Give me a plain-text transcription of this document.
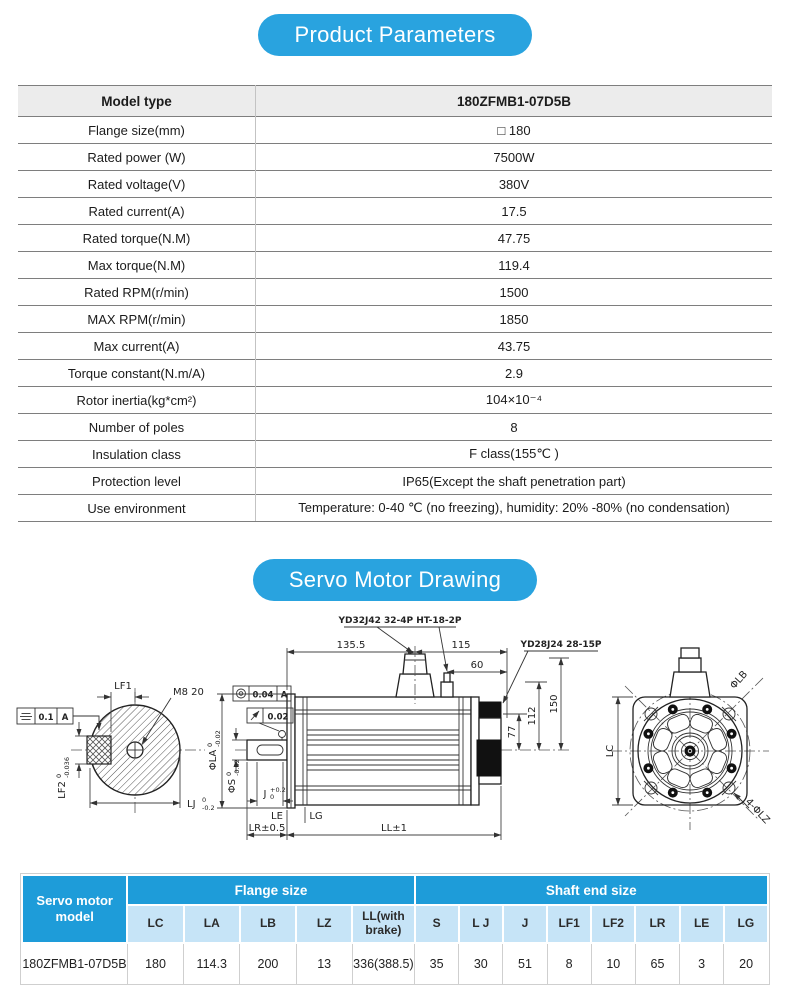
Product Parameters
Model type	180ZFMB1-07D5B
Flange size(mm)	□ 180
Rated power (W)	7500W
Rated voltage(V)	380V
Rated current(A)	17.5
Rated torque(N.M)	47.75
Max torque(N.M)	119.4
Rated RPM(r/min)	1500
MAX RPM(r/min)	1850
Max current(A)	43.75
Torque constant(N.m/A)	2.9
Rotor inertia(kg*cm²)	104×10⁻⁴
Number of poles	8
Insulation class	F class(155℃ )
Protection level	IP65(Except the shaft penetration part)
Use environment	Temperature: 0-40 ℃ (no freezing), humidity: 20% -80% (no condensation)
Servo Motor Drawing
LF1
M8 20
0.1 A
LF2
0 -0.036
LJ 0
-0.2
YD32J42 32-4P HT-18-2P
YD28J24 28-15P
135.5	115
60
77
112
150
0.04 A
0.02
ΦLA
0 -0.02
ΦS
0 -0.02
J +0.2
0
LE	LG
LR±0.5	LL±1
LC
ΦLB
4-ΦLZ
Servo motor model	Flange size					Shaft end size							
	LC	LA	LB	LZ	LL(with brake)	S	L J	J	LF1	LF2	LR	LE	LG
180ZFMB1-07D5B	180	114.3	200	13	336(388.5)	35	30	51	8	10	65	3	20
